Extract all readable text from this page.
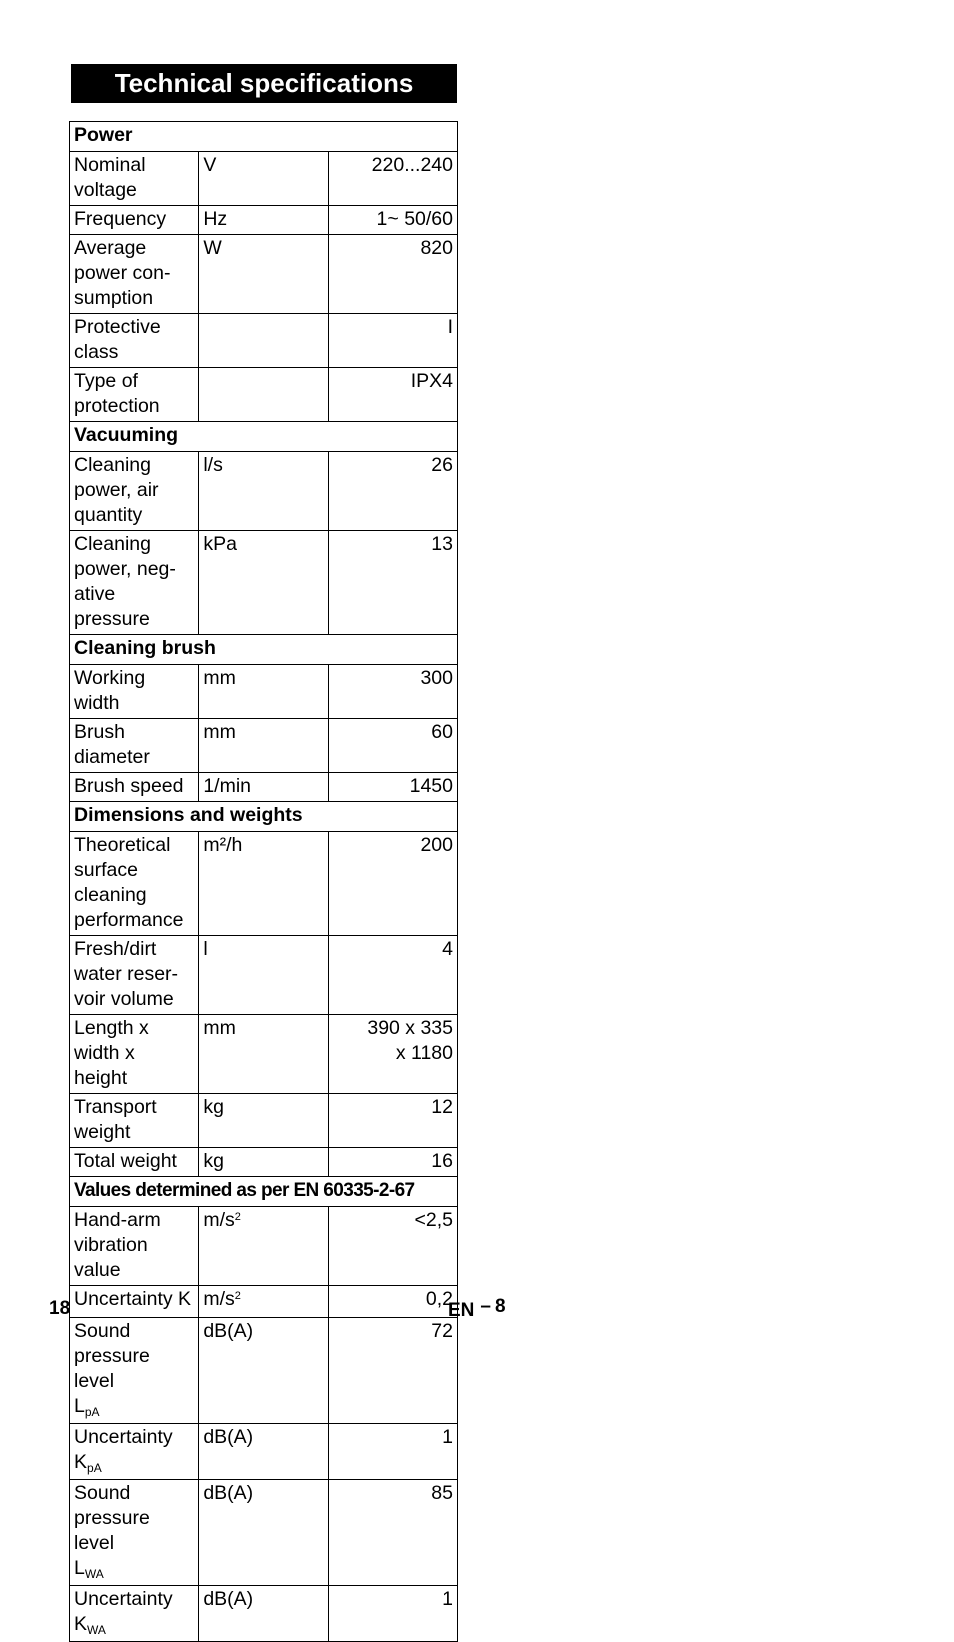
Technical specifications
Power		
Nominal voltage	V	220...240
Frequency	Hz	1~ 50/60
Average power con-
sumption	W	820
Protective class		I
Type of protection		IPX4
Vacuuming		
Cleaning power, air
quantity	l/s	26
Cleaning power, neg-
ative pressure	kPa	13
Cleaning brush		
Working width	mm	300
Brush diameter	mm	60
Brush speed	1/min	1450
Dimensions and weights		
Theoretical surface
cleaning performance	m²/h	200
Fresh/dirt water reser-
voir volume	l	4
Length x width x
height	mm	390 x 335
x 1180
Transport weight	kg	12
Total weight	kg	16
Values determined as per EN 60335-2-67		
Hand-arm vibration
value	$m/s^2$	<2,5
Uncertainty K	$m/s^2$	0,2
Sound pressure level
$L_{pA}$	dB(A)	72
Uncertainty $K_{pA}$	dB(A)	1
Sound pressure level
$L_{WA}$	dB(A)	85
Uncertainty $K_{WA}$	dB(A)	1
18	EN – 8
